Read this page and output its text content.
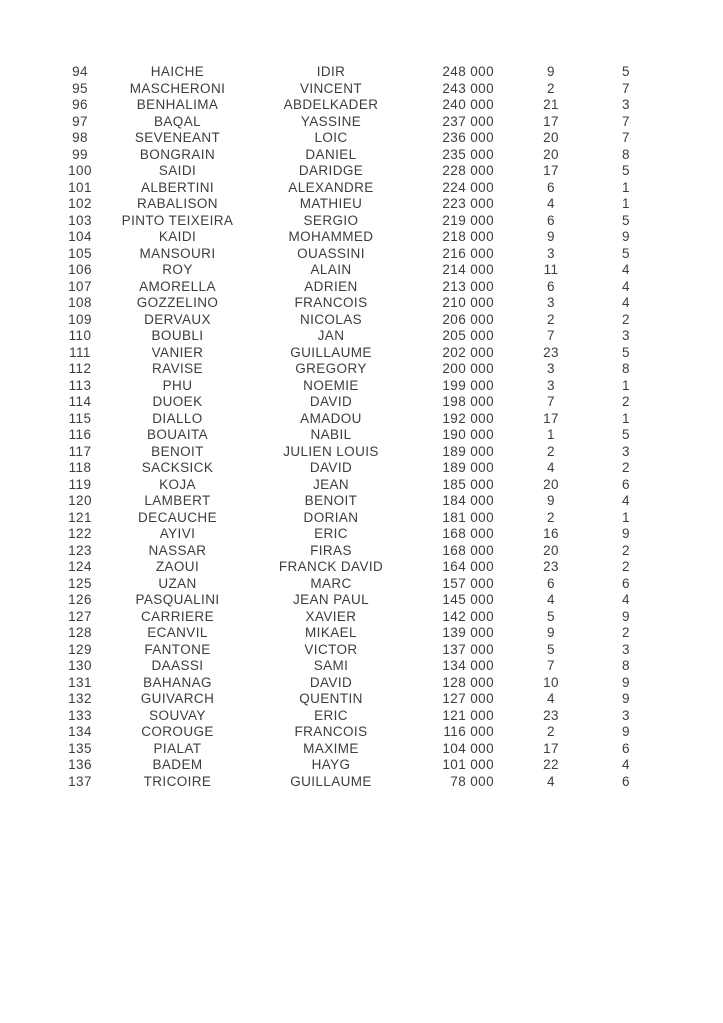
94	HAICHE	IDIR	248 000	9	5
95	MASCHERONI	VINCENT	243 000	2	7
96	BENHALIMA	ABDELKADER	240 000	21	3
97	BAQAL	YASSINE	237 000	17	7
98	SEVENEANT	LOIC	236 000	20	7
99	BONGRAIN	DANIEL	235 000	20	8
100	SAIDI	DARIDGE	228 000	17	5
101	ALBERTINI	ALEXANDRE	224 000	6	1
102	RABALISON	MATHIEU	223 000	4	1
103	PINTO TEIXEIRA	SERGIO	219 000	6	5
104	KAIDI	MOHAMMED	218 000	9	9
105	MANSOURI	OUASSINI	216 000	3	5
106	ROY	ALAIN	214 000	11	4
107	AMORELLA	ADRIEN	213 000	6	4
108	GOZZELINO	FRANCOIS	210 000	3	4
109	DERVAUX	NICOLAS	206 000	2	2
110	BOUBLI	JAN	205 000	7	3
111	VANIER	GUILLAUME	202 000	23	5
112	RAVISE	GREGORY	200 000	3	8
113	PHU	NOEMIE	199 000	3	1
114	DUOEK	DAVID	198 000	7	2
115	DIALLO	AMADOU	192 000	17	1
116	BOUAITA	NABIL	190 000	1	5
117	BENOIT	JULIEN LOUIS	189 000	2	3
118	SACKSICK	DAVID	189 000	4	2
119	KOJA	JEAN	185 000	20	6
120	LAMBERT	BENOIT	184 000	9	4
121	DECAUCHE	DORIAN	181 000	2	1
122	AYIVI	ERIC	168 000	16	9
123	NASSAR	FIRAS	168 000	20	2
124	ZAOUI	FRANCK DAVID	164 000	23	2
125	UZAN	MARC	157 000	6	6
126	PASQUALINI	JEAN PAUL	145 000	4	4
127	CARRIERE	XAVIER	142 000	5	9
128	ECANVIL	MIKAEL	139 000	9	2
129	FANTONE	VICTOR	137 000	5	3
130	DAASSI	SAMI	134 000	7	8
131	BAHANAG	DAVID	128 000	10	9
132	GUIVARCH	QUENTIN	127 000	4	9
133	SOUVAY	ERIC	121 000	23	3
134	COROUGE	FRANCOIS	116 000	2	9
135	PIALAT	MAXIME	104 000	17	6
136	BADEM	HAYG	101 000	22	4
137	TRICOIRE	GUILLAUME	78 000	4	6
